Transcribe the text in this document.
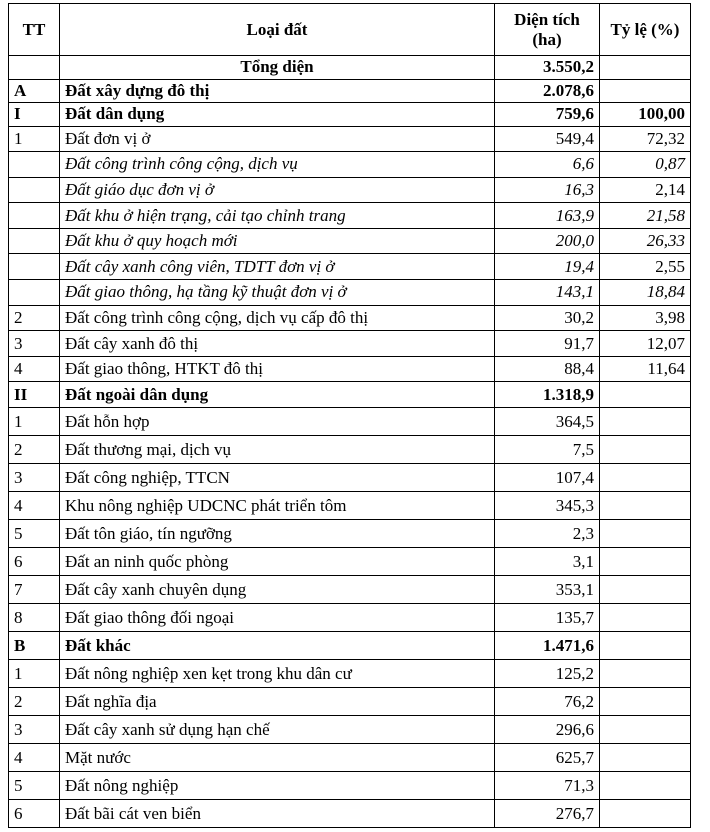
TT	Loại đất	Diện tích (ha)	Tỷ lệ (%)
	Tổng diện	3.550,2	
A	Đất xây dựng đô thị	2.078,6	
I	Đất dân dụng	759,6	100,00
1	Đất đơn vị ở	549,4	72,32
	Đất công trình công cộng, dịch vụ	6,6	0,87
	Đất giáo dục đơn vị ở	16,3	2,14
	Đất khu ở hiện trạng, cải tạo chỉnh trang	163,9	21,58
	Đất khu ở quy hoạch mới	200,0	26,33
	Đất cây xanh công viên, TDTT đơn vị ở	19,4	2,55
	Đất giao thông, hạ tầng kỹ thuật đơn vị ở	143,1	18,84
2	Đất công trình công cộng, dịch vụ cấp đô thị	30,2	3,98
3	Đất cây xanh đô thị	91,7	12,07
4	Đất giao thông, HTKT đô thị	88,4	11,64
II	Đất ngoài dân dụng	1.318,9	
1	Đất hỗn hợp	364,5	
2	Đất thương mại, dịch vụ	7,5	
3	Đất công nghiệp, TTCN	107,4	
4	Khu nông nghiệp UDCNC phát triển tôm	345,3	
5	Đất tôn giáo, tín ngưỡng	2,3	
6	Đất an ninh quốc phòng	3,1	
7	Đất cây xanh chuyên dụng	353,1	
8	Đất giao thông đối ngoại	135,7	
B	Đất khác	1.471,6	
1	Đất nông nghiệp xen kẹt trong khu dân cư	125,2	
2	Đất nghĩa địa	76,2	
3	Đất cây xanh sử dụng hạn chế	296,6	
4	Mặt nước	625,7	
5	Đất nông nghiệp	71,3	
6	Đất bãi cát ven biển	276,7	
